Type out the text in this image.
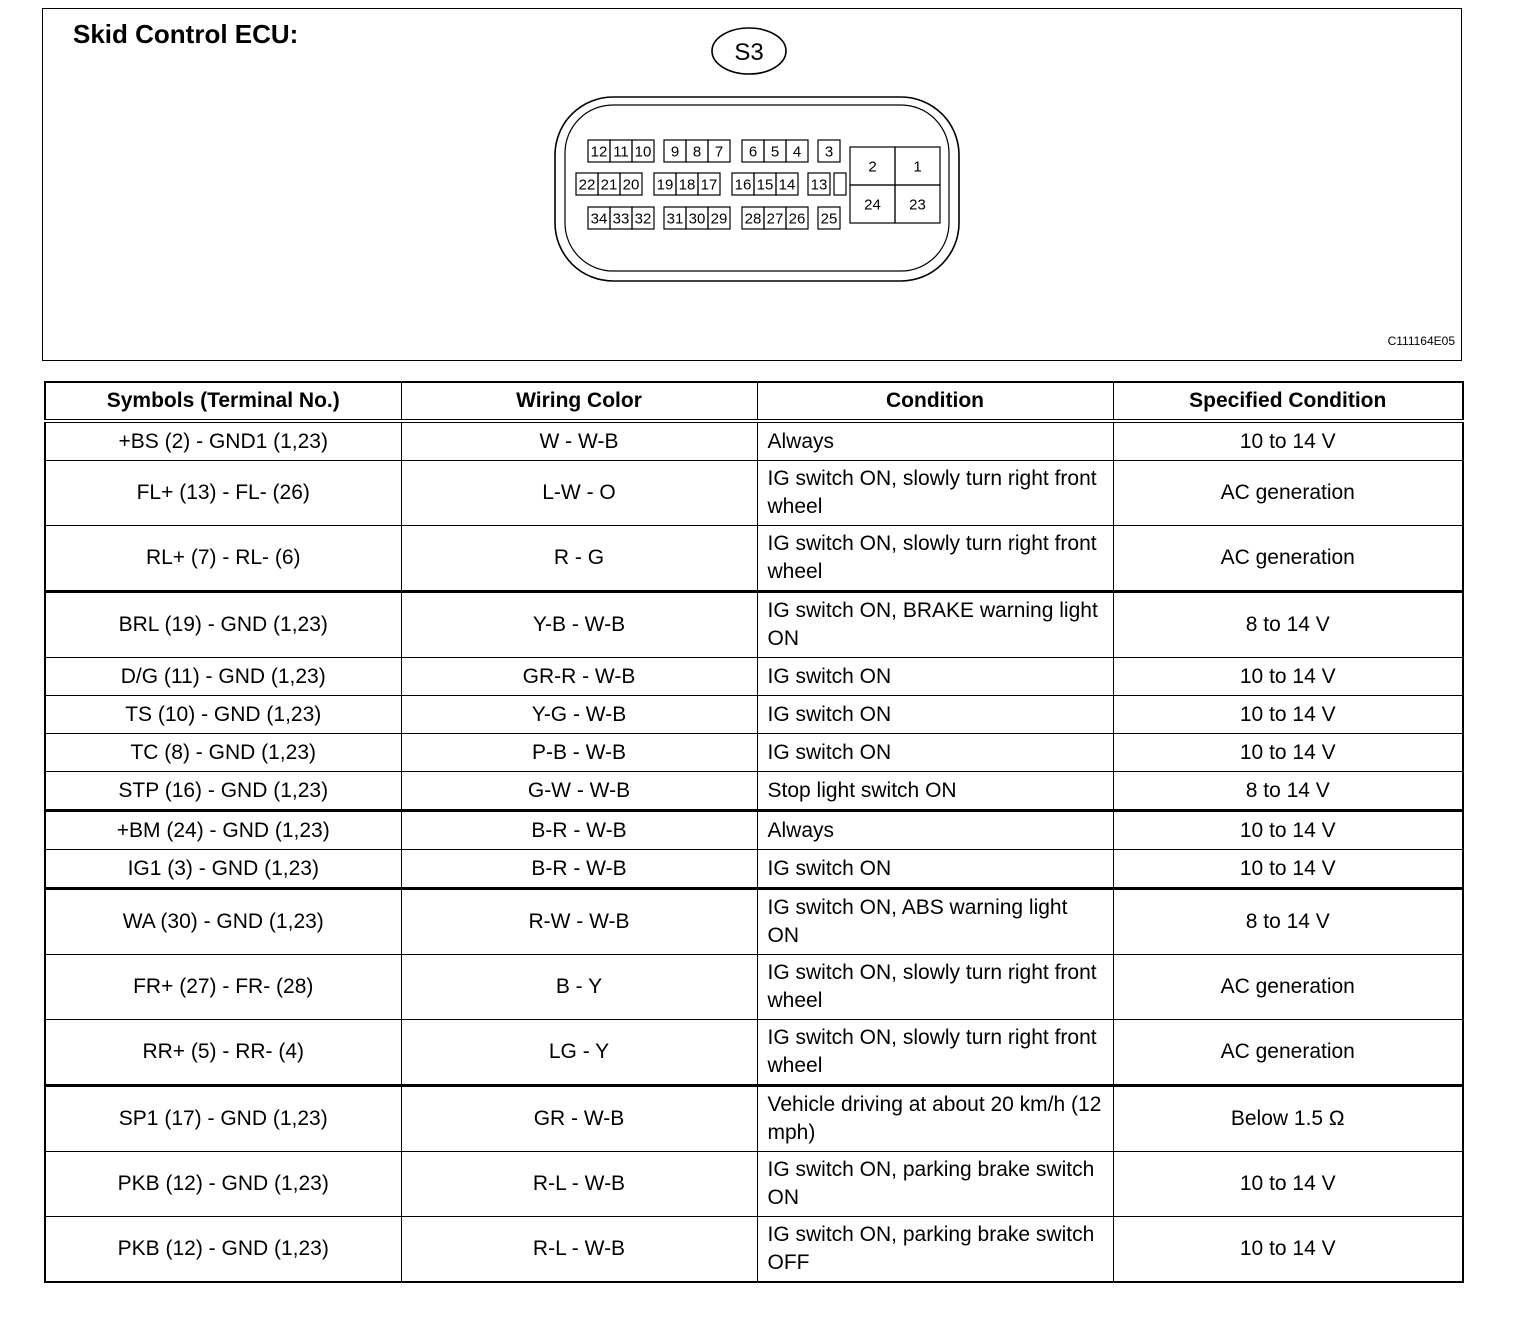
Skid Control ECU:
S3
12 11 10 9 8 7 6 5 4 3
22 21 20 19 18 17 16 15 14 13
34 33 32 31 30 29 28 27 26 25
2 1
24 23
C111164E05
Symbols (Terminal No.)	Wiring Color	Condition	Specified Condition
+BS (2) - GND1 (1,23)	W - W-B	Always	10 to 14 V
FL+ (13) - FL- (26)	L-W - O	IG switch ON, slowly turn right front wheel	AC generation
RL+ (7) - RL- (6)	R - G	IG switch ON, slowly turn right front wheel	AC generation
BRL (19) - GND (1,23)	Y-B - W-B	IG switch ON, BRAKE warning light ON	8 to 14 V
D/G (11) - GND (1,23)	GR-R - W-B	IG switch ON	10 to 14 V
TS (10) - GND (1,23)	Y-G - W-B	IG switch ON	10 to 14 V
TC (8) - GND (1,23)	P-B - W-B	IG switch ON	10 to 14 V
STP (16) - GND (1,23)	G-W - W-B	Stop light switch ON	8 to 14 V
+BM (24) - GND (1,23)	B-R - W-B	Always	10 to 14 V
IG1 (3) - GND (1,23)	B-R - W-B	IG switch ON	10 to 14 V
WA (30) - GND (1,23)	R-W - W-B	IG switch ON, ABS warning light ON	8 to 14 V
FR+ (27) - FR- (28)	B - Y	IG switch ON, slowly turn right front wheel	AC generation
RR+ (5) - RR- (4)	LG - Y	IG switch ON, slowly turn right front wheel	AC generation
SP1 (17) - GND (1,23)	GR - W-B	Vehicle driving at about 20 km/h (12 mph)	Below 1.5 Ω
PKB (12) - GND (1,23)	R-L - W-B	IG switch ON, parking brake switch ON	10 to 14 V
PKB (12) - GND (1,23)	R-L - W-B	IG switch ON, parking brake switch OFF	10 to 14 V
